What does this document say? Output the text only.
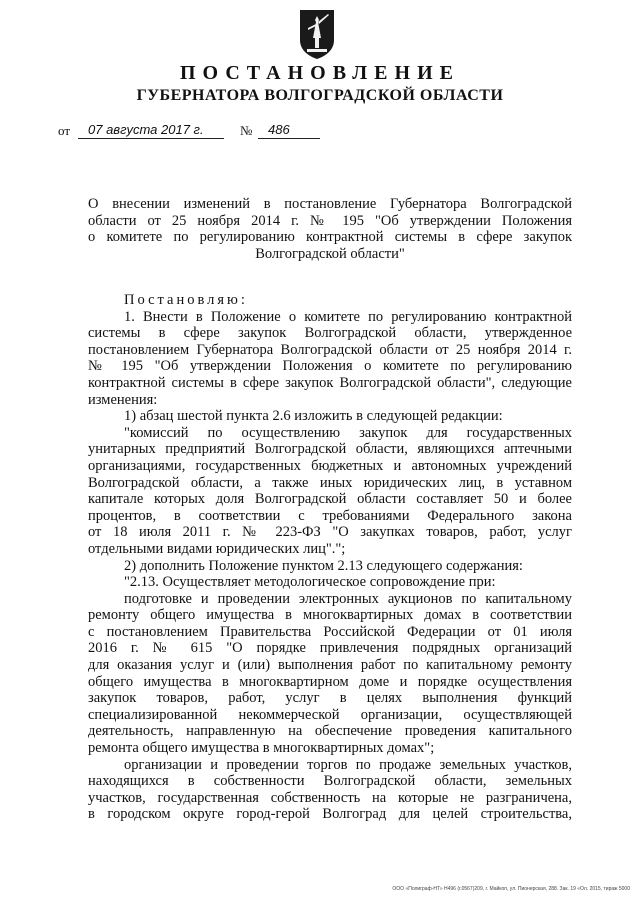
ПОСТАНОВЛЕНИЕ
ГУБЕРНАТОРА ВОЛГОГРАДСКОЙ ОБЛАСТИ
от	07 августа 2017 г.	№	486
О внесении изменений в постановление Губернатора Волгоградской
области от 25 ноября 2014 г. № 195 "Об утверждении Положения
о комитете по регулированию контрактной системы в сфере закупок
Волгоградской области"
Постановляю:
1. Внести в Положение о комитете по регулированию контрактной
системы в сфере закупок Волгоградской области, утвержденное
постановлением Губернатора Волгоградской области от 25 ноября 2014 г.
№ 195 "Об утверждении Положения о комитете по регулированию
контрактной системы в сфере закупок Волгоградской области", следующие
изменения:
1) абзац шестой пункта 2.6 изложить в следующей редакции:
"комиссий по осуществлению закупок для государственных
унитарных предприятий Волгоградской области, являющихся аптечными
организациями, государственных бюджетных и автономных учреждений
Волгоградской области, а также иных юридических лиц, в уставном
капитале которых доля Волгоградской области составляет 50 и более
процентов, в соответствии с требованиями Федерального закона
от 18 июля 2011 г. № 223-ФЗ "О закупках товаров, работ, услуг
отдельными видами юридических лиц".";
2) дополнить Положение пунктом 2.13 следующего содержания:
"2.13. Осуществляет методологическое сопровождение при:
подготовке и проведении электронных аукционов по капитальному
ремонту общего имущества в многоквартирных домах в соответствии
с постановлением Правительства Российской Федерации от 01 июля
2016 г. № 615 "О порядке привлечения подрядных организаций
для оказания услуг и (или) выполнения работ по капитальному ремонту
общего имущества в многоквартирном доме и порядке осуществления
закупок товаров, работ, услуг в целях выполнения функций
специализированной некоммерческой организации, осуществляющей
деятельность, направленную на обеспечение проведения капитального
ремонта общего имущества в многоквартирных домах";
организации и проведении торгов по продаже земельных участков,
находящихся в собственности Волгоградской области, земельных
участков, государственная собственность на которые не разграничена,
в городском округе город-герой Волгоград для целей строительства,
ООО «Полиграф-НТ» Н496 (г.0567)209, г. Майкоп, ул. Пионерская, 288. Зак. 19 «Ол. 2015, тираж 5000
